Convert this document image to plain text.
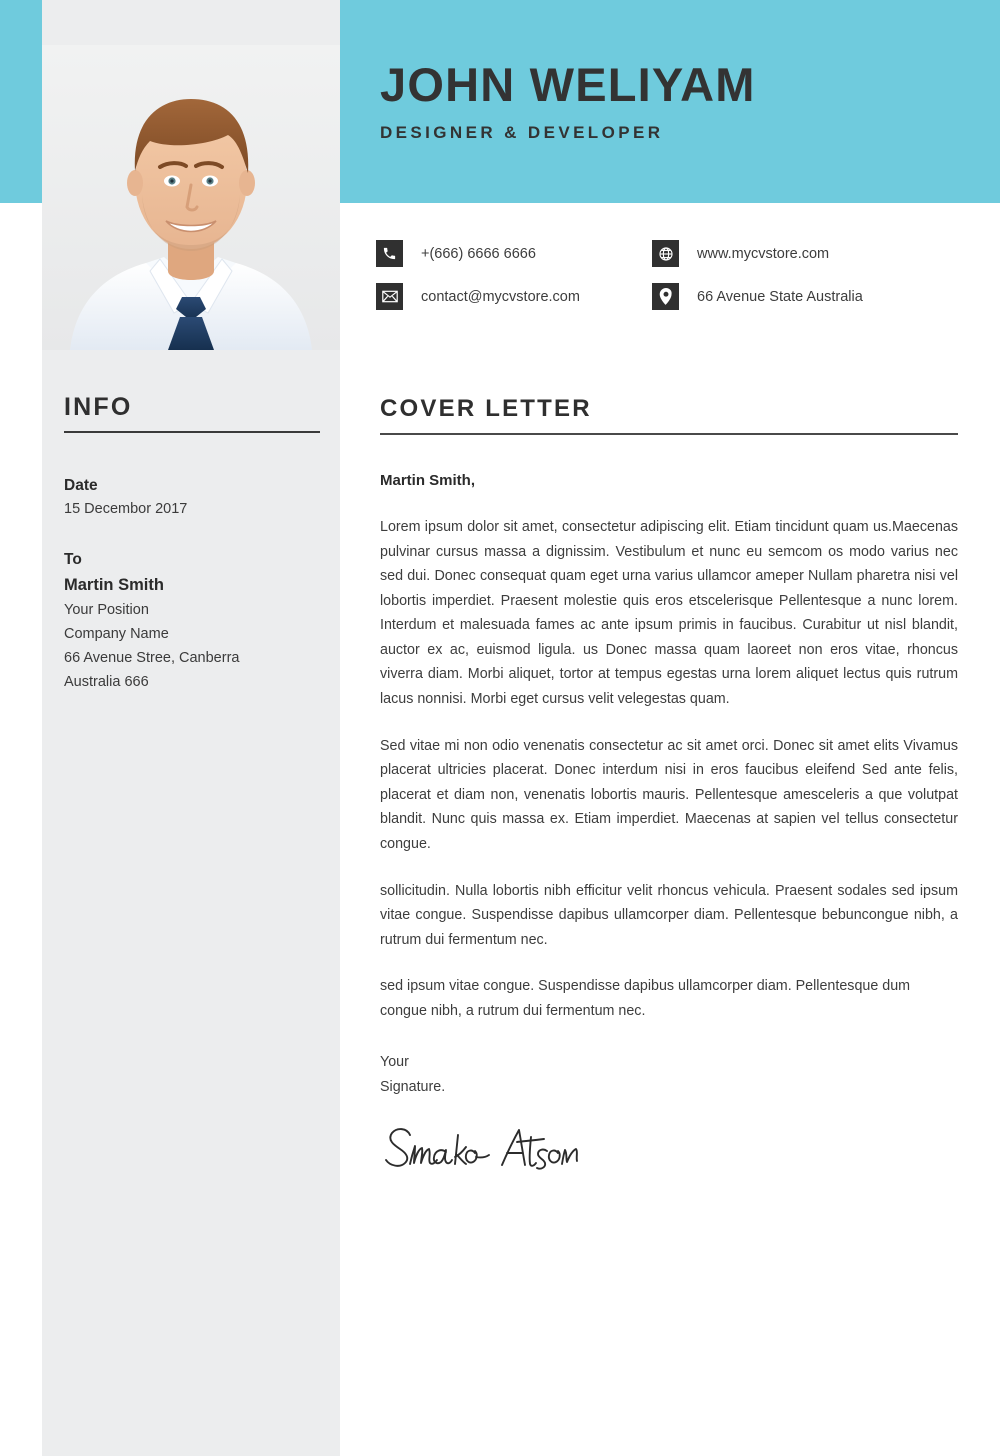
JOHN WELIYAM
DESIGNER & DEVELOPER
+(666) 6666 6666	www.mycvstore.com
contact@mycvstore.com	66 Avenue State Australia
INFO
Date
15 Decembor 2017
To
Martin Smith
Your Position
Company Name
66 Avenue Stree, Canberra
Australia 666
COVER LETTER
Martin Smith,

Lorem ipsum dolor sit amet, consectetur adipiscing elit. Etiam tincidunt quam us.Maecenas pulvinar cursus massa a dignissim. Vestibulum et nunc eu semcom os modo varius nec sed dui. Donec consequat quam eget urna varius ullamcor ameper Nullam pharetra nisi vel lobortis imperdiet. Praesent molestie quis eros etscelerisque Pellentesque a nunc lorem. Interdum et malesuada fames ac ante ipsum primis in faucibus. Curabitur ut nisl blandit, auctor ex ac, euismod ligula. us Donec massa quam laoreet non eros vitae, rhoncus viverra diam. Morbi aliquet, tortor at tempus egestas urna lorem aliquet lectus quis rutrum lacus nonnisi. Morbi eget cursus velit velegestas quam.

Sed vitae mi non odio venenatis consectetur ac sit amet orci. Donec sit amet elits Vivamus placerat ultricies placerat. Donec interdum nisi in eros faucibus eleifend Sed ante felis, placerat et diam non, venenatis lobortis mauris. Pellentesque amesceleris a que volutpat blandit. Nunc quis massa ex. Etiam imperdiet. Maecenas at sapien vel tellus consectetur congue.

sollicitudin. Nulla lobortis nibh efficitur velit rhoncus vehicula. Praesent sodales sed ipsum vitae congue. Suspendisse dapibus ullamcorper diam. Pellentesque bebuncongue nibh, a rutrum dui fermentum nec.

sed ipsum vitae congue. Suspendisse dapibus ullamcorper diam. Pellentesque dum congue nibh, a rutrum dui fermentum nec.

Your
Signature.
